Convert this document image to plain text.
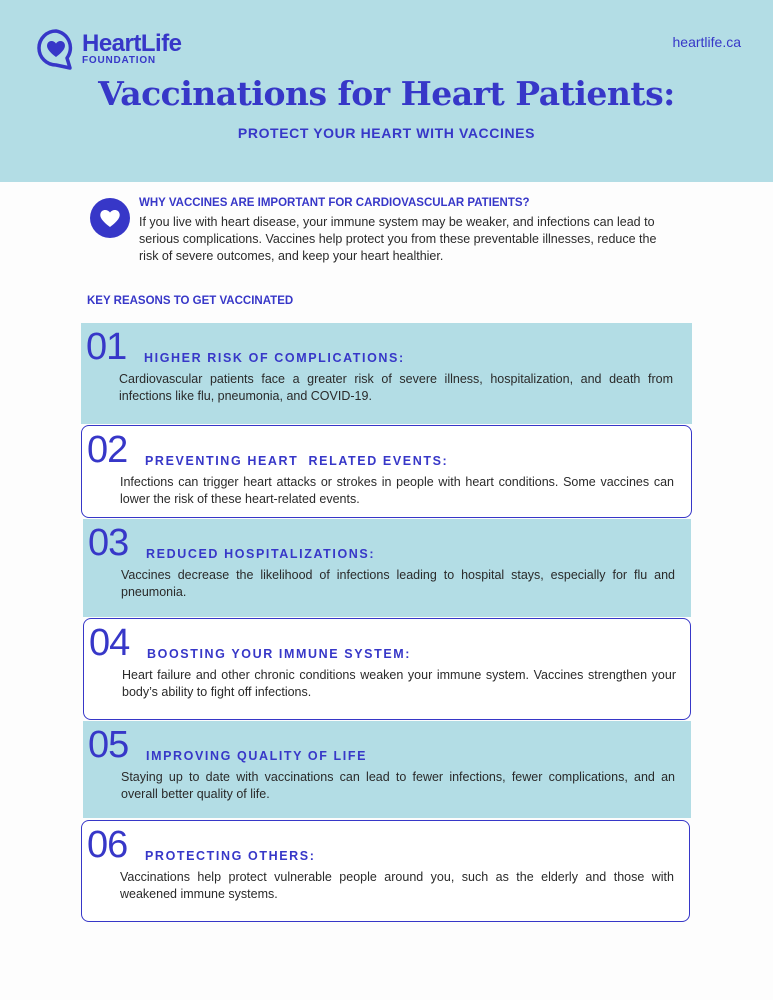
HeartLife
FOUNDATION
heartlife.ca
Vaccinations for Heart Patients:
PROTECT YOUR HEART WITH VACCINES
WHY VACCINES ARE IMPORTANT FOR CARDIOVASCULAR PATIENTS?
If you live with heart disease, your immune system may be weaker, and infections can lead to serious complications. Vaccines help protect you from these preventable illnesses, reduce the risk of severe outcomes, and keep your heart healthier.
KEY REASONS TO GET VACCINATED
01 HIGHER RISK OF COMPLICATIONS:
Cardiovascular patients face a greater risk of severe illness, hospitalization, and death from infections like flu, pneumonia, and COVID-19.
02 PREVENTING HEART  RELATED EVENTS:
Infections can trigger heart attacks or strokes in people with heart conditions. Some vaccines can lower the risk of these heart-related events.
03 REDUCED HOSPITALIZATIONS:
Vaccines decrease the likelihood of infections leading to hospital stays, especially for flu and pneumonia.
04 BOOSTING YOUR IMMUNE SYSTEM:
Heart failure and other chronic conditions weaken your immune system. Vaccines strengthen your body’s ability to fight off infections.
05 IMPROVING QUALITY OF LIFE
Staying up to date with vaccinations can lead to fewer infections, fewer complications, and an overall better quality of life.
06 PROTECTING OTHERS:
Vaccinations help protect vulnerable people around you, such as the elderly and those with weakened immune systems.
